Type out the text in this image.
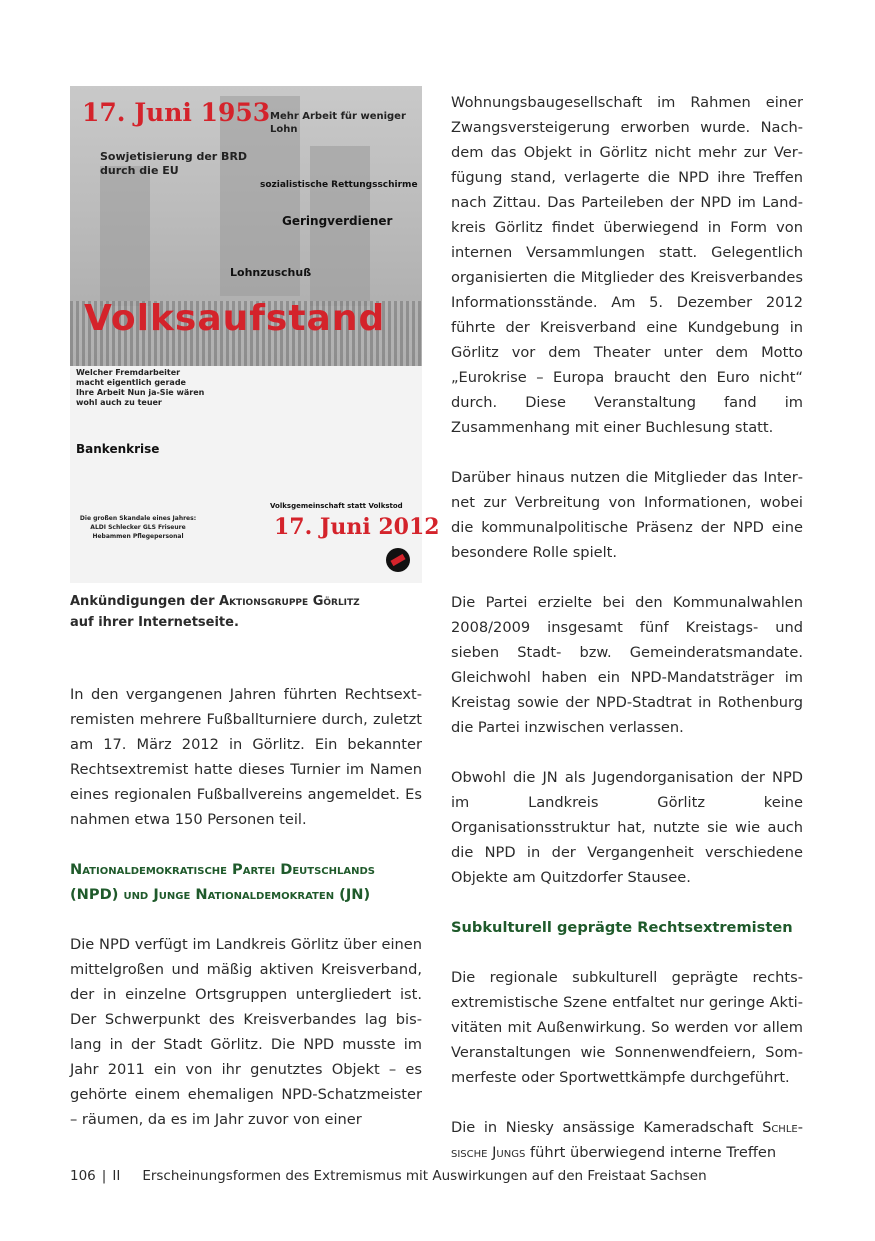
17. Juni 1953 Mehr Arbeit für weniger Lohn
Sowjetisierung der BRD durch die EU
sozialistische Rettungsschirme
Geringverdiener
Lohnzuschuß
Volksaufstand
Welcher Fremdarbeiter macht eigentlich gerade Ihre Arbeit Nun ja-Sie wären wohl auch zu teuer
Bankenkrise
Volksgemeinschaft statt Volkstod
17. Juni 2012
Die großen Skandale eines Jahres: ALDI Schlecker GLS Friseure Hebammen Pflegepersonal

Ankündigungen der Aktionsgruppe Görlitz
auf ihrer Internetseite.

In den vergangenen Jahren führten Rechtsextremisten mehrere Fußballturniere durch, zuletzt am 17. März 2012 in Görlitz. Ein bekannter Rechtsextremist hatte dieses Turnier im Namen eines regionalen Fußballvereins angemeldet. Es nahmen etwa 150 Personen teil.

Nationaldemokratische Partei Deutschlands
(NPD) und Junge Nationaldemokraten (JN)

Die NPD verfügt im Landkreis Görlitz über einen mittelgroßen und mäßig aktiven Kreisverband, der in einzelne Ortsgruppen untergliedert ist. Der Schwerpunkt des Kreisverbandes lag bislang in der Stadt Görlitz. Die NPD musste im Jahr 2011 ein von ihr genutztes Objekt – es gehörte einem ehemaligen NPD-Schatzmeister – räumen, da es im Jahr zuvor von einer

Wohnungsbaugesellschaft im Rahmen einer Zwangsversteigerung erworben wurde. Nachdem das Objekt in Görlitz nicht mehr zur Verfügung stand, verlagerte die NPD ihre Treffen nach Zittau. Das Parteileben der NPD im Landkreis Görlitz findet überwiegend in Form von internen Versammlungen statt. Gelegentlich organisierten die Mitglieder des Kreisverbandes Informationsstände. Am 5. Dezember 2012 führte der Kreisverband eine Kundgebung in Görlitz vor dem Theater unter dem Motto „Eurokrise – Europa braucht den Euro nicht“ durch. Diese Veranstaltung fand im Zusammenhang mit einer Buchlesung statt.

Darüber hinaus nutzen die Mitglieder das Internet zur Verbreitung von Informationen, wobei die kommunalpolitische Präsenz der NPD eine besondere Rolle spielt.

Die Partei erzielte bei den Kommunalwahlen 2008/2009 insgesamt fünf Kreistags- und sieben Stadt- bzw. Gemeinderatsmandate. Gleichwohl haben ein NPD-Mandatsträger im Kreistag sowie der NPD-Stadtrat in Rothenburg die Partei inzwischen verlassen.

Obwohl die JN als Jugendorganisation der NPD im Landkreis Görlitz keine Organisationsstruktur hat, nutzte sie wie auch die NPD in der Vergangenheit verschiedene Objekte am Quitzdorfer Stausee.

Subkulturell geprägte Rechtsextremisten

Die regionale subkulturell geprägte rechtsextremistische Szene entfaltet nur geringe Aktivitäten mit Außenwirkung. So werden vor allem Veranstaltungen wie Sonnenwendfeiern, Sommerfeste oder Sportwettkämpfe durchgeführt.

Die in Niesky ansässige Kameradschaft Schlesische Jungs führt überwiegend interne Treffen

106 | II Erscheinungsformen des Extremismus mit Auswirkungen auf den Freistaat Sachsen
